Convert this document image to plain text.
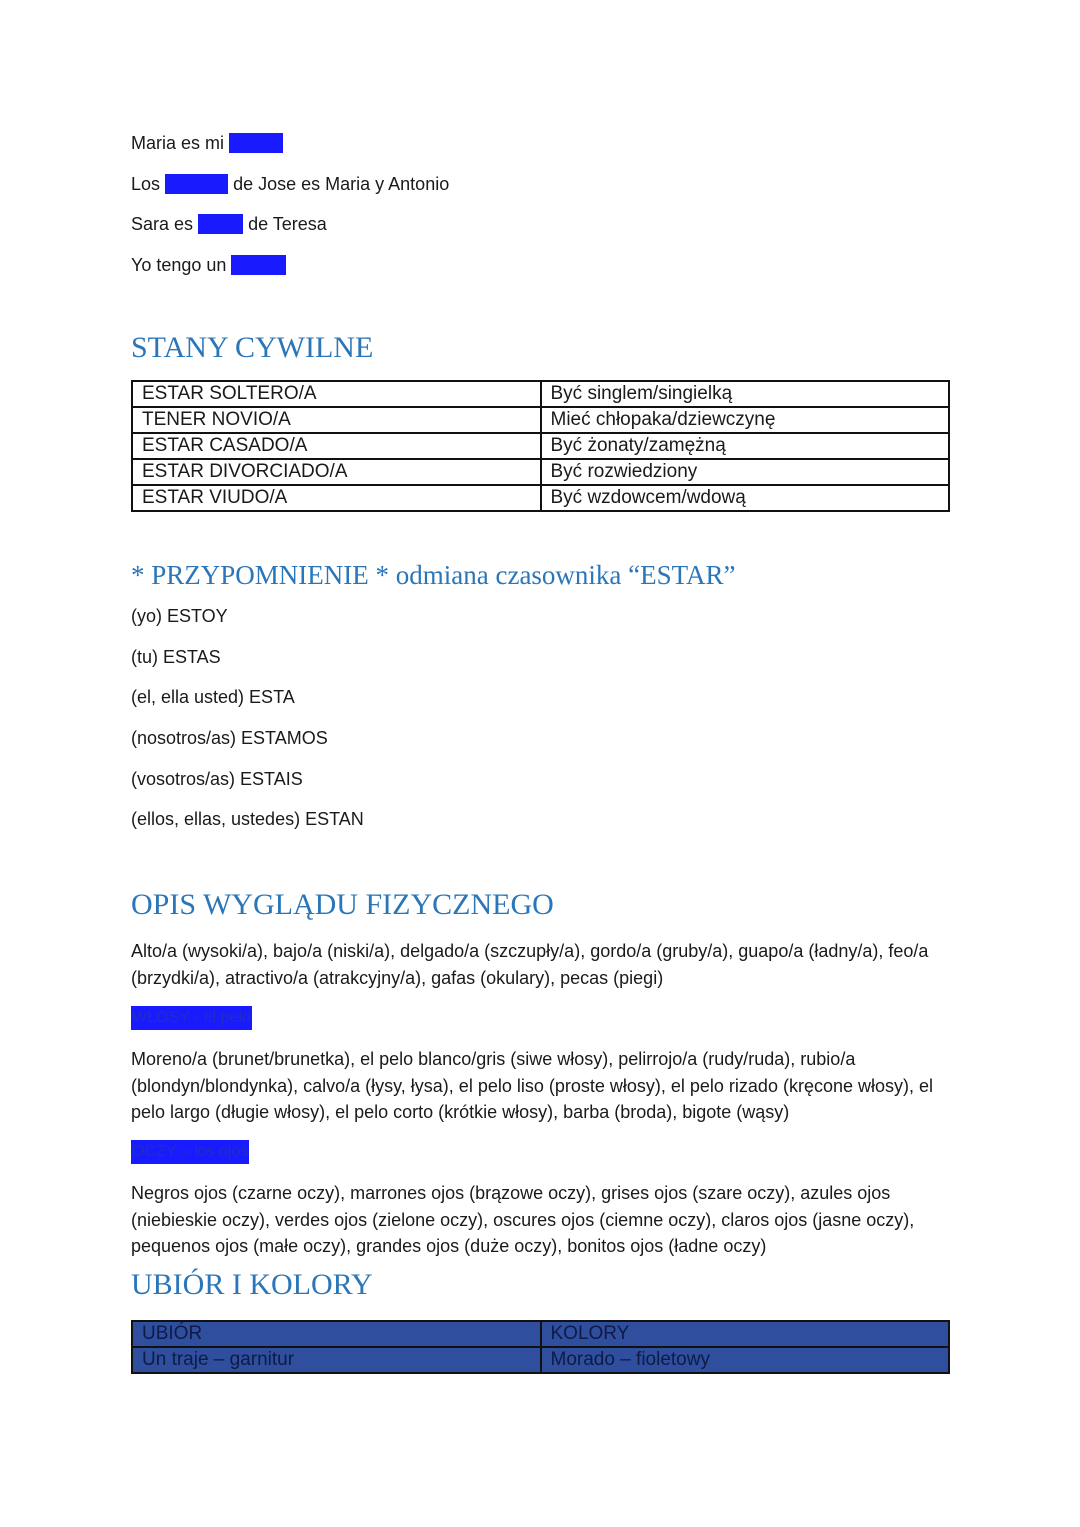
Maria es mi abuela
Los abuelos de Jose es Maria y Antonio
Sara es prima de Teresa
Yo tengo un marido
STANY CYWILNE
ESTAR SOLTERO/A	Być singlem/singielką
TENER NOVIO/A	Mieć chłopaka/dziewczynę
ESTAR CASADO/A	Być żonaty/zamężną
ESTAR DIVORCIADO/A	Być rozwiedziony
ESTAR VIUDO/A	Być wzdowcem/wdową
* PRZYPOMNIENIE * odmiana czasownika “ESTAR”
(yo) ESTOY
(tu) ESTAS
(el, ella usted) ESTA
(nosotros/as) ESTAMOS
(vosotros/as) ESTAIS
(ellos, ellas, ustedes) ESTAN
OPIS WYGLĄDU FIZYCZNEGO
Alto/a (wysoki/a), bajo/a (niski/a), delgado/a (szczupły/a), gordo/a (gruby/a), guapo/a (ładny/a), feo/a (brzydki/a), atractivo/a (atrakcyjny/a), gafas (okulary), pecas (piegi)
WŁOSY - el pelo
Moreno/a (brunet/brunetka), el pelo blanco/gris (siwe włosy), pelirrojo/a (rudy/ruda), rubio/a (blondyn/blondynka), calvo/a (łysy, łysa), el pelo liso (proste włosy), el pelo rizado (kręcone włosy), el pelo largo (długie włosy), el pelo corto (krótkie włosy), barba (broda), bigote (wąsy)
OCZY – los ojos
Negros ojos (czarne oczy), marrones ojos (brązowe oczy), grises ojos (szare oczy), azules ojos (niebieskie oczy), verdes ojos (zielone oczy), oscures ojos (ciemne oczy), claros ojos (jasne oczy), pequenos ojos (małe oczy), grandes ojos (duże oczy), bonitos ojos (ładne oczy)
UBIÓR I KOLORY
UBIÓR	KOLORY
Un traje – garnitur	Morado – fioletowy
